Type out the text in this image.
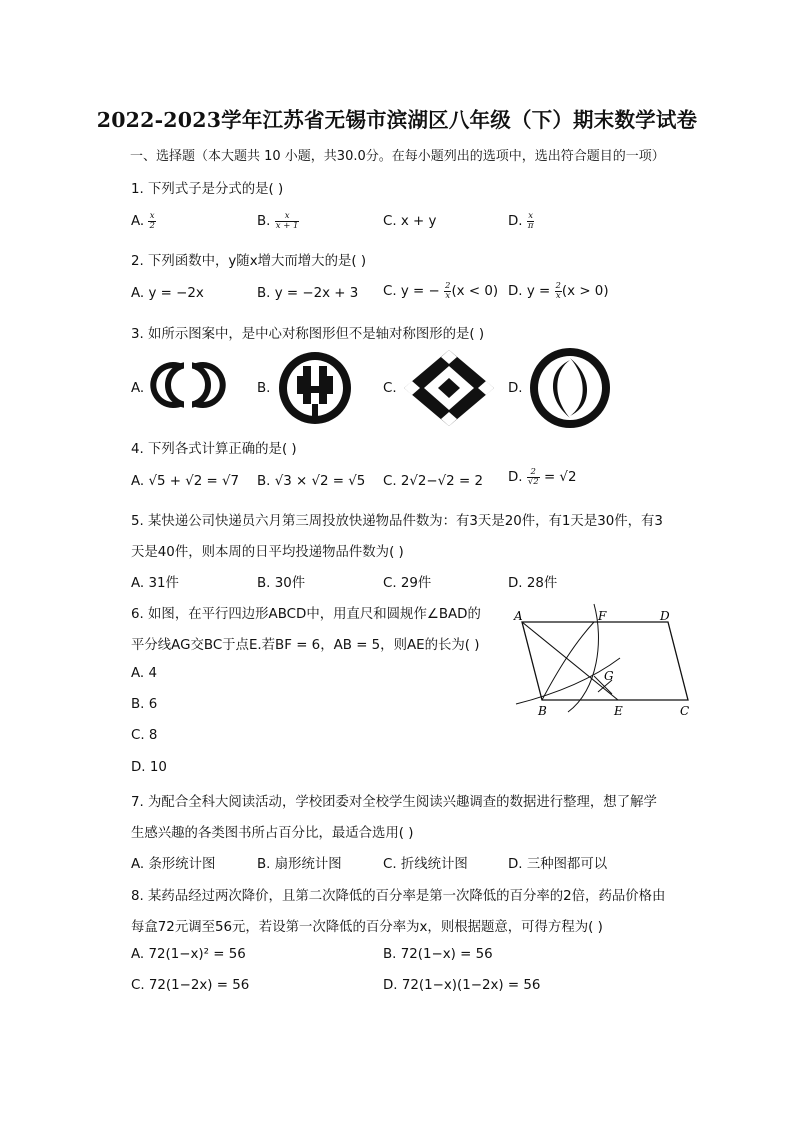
2022-2023学年江苏省无锡市滨湖区八年级（下）期末数学试卷
一、选择题（本大题共 10 小题，共30.0分。在每小题列出的选项中，选出符合题目的一项）
1. 下列式子是分式的是( )
A. $\frac{x}{2}$	B. $\frac{x}{x + 1}$	C. x + y	D. $\frac{x}{\pi}$
2. 下列函数中，y随x增大而增大的是( )
A. y = −2x	B. y = −2x + 3 C. y = − $\frac{2}{x} (x < 0)$ D. $y = \frac{2}{x} (x > 0)$
3. 如所示图案中，是中心对称图形但不是轴对称图形的是( )
A.	B.	C.	D.
4. 下列各式计算正确的是( )
A. √5 + √2 = √7 B. √3 × √2 = √5 C. 2√2−√2 = 2 D. $\frac{2}{√2} = √2$
5. 某快递公司快递员六月第三周投放快递物品件数为：有3天是20件，有1天是30件，有3
天是40件，则本周的日平均投递物品件数为( )
A. 31件	B. 30件	C. 29件	D. 28件
6. 如图，在平行四边形ABCD中，用直尺和圆规作∠BAD的
平分线AG交BC于点E.若BF = 6，AB = 5，则AE的长为( )
A. 4
B. 6
C. 8
D. 10
A	F	D
G
B	E	C
7. 为配合全科大阅读活动，学校团委对全校学生阅读兴趣调查的数据进行整理，想了解学
生感兴趣的各类图书所占百分比，最适合选用( )
A. 条形统计图	B. 扇形统计图	C. 折线统计图	D. 三种图都可以
8. 某药品经过两次降价，且第二次降低的百分率是第一次降低的百分率的2倍，药品价格由
每盒72元调至56元，若设第一次降低的百分率为x，则根据题意，可得方程为( )
A. 72(1−x)² = 56	B. 72(1−x) = 56
C. 72(1−2x) = 56	D. 72(1−x)(1−2x) = 56
